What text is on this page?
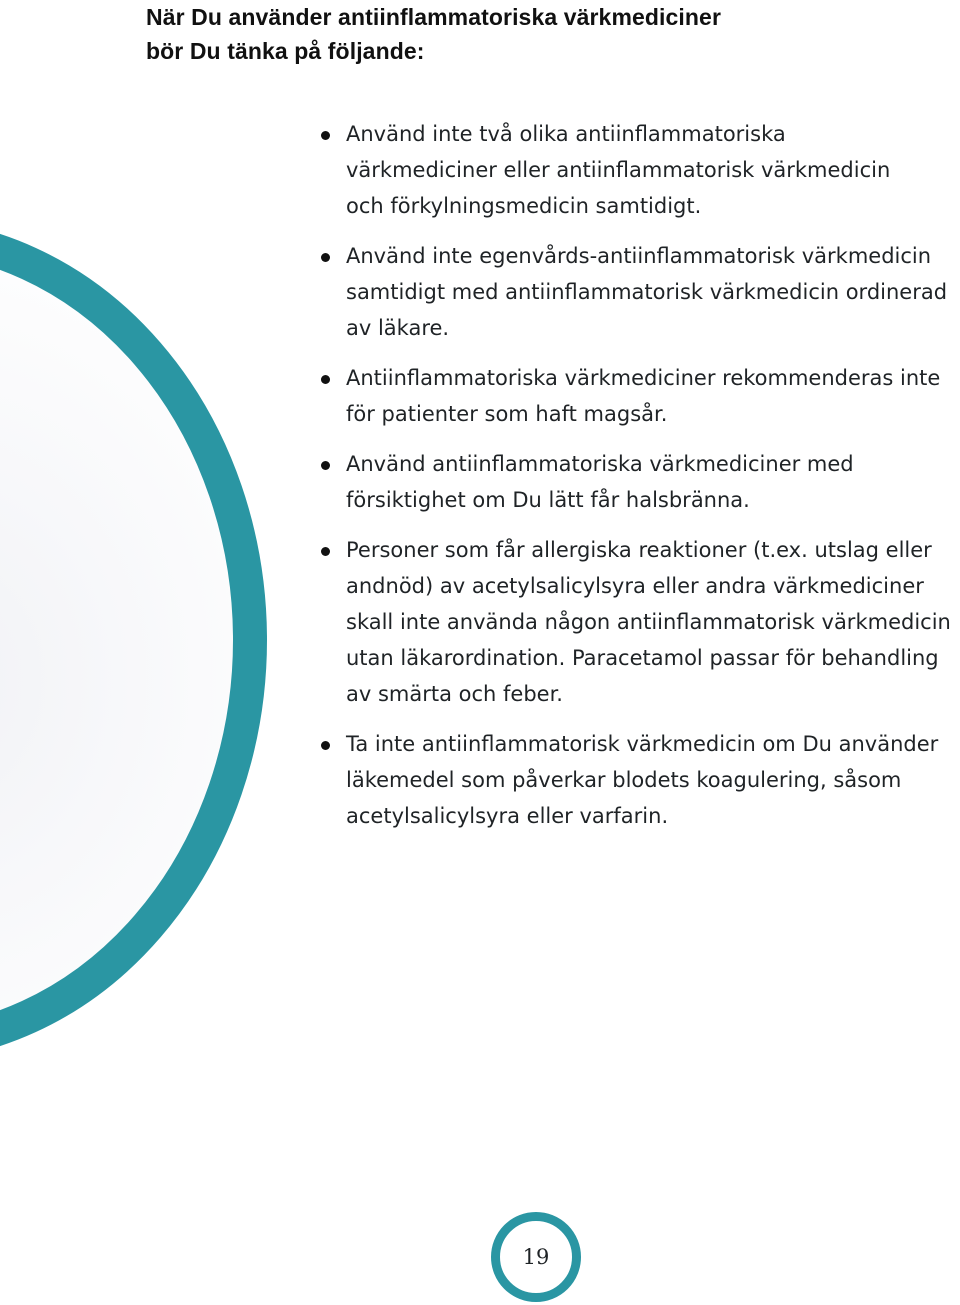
När Du använder antiinflammatoriska värkmediciner
bör Du tänka på följande:
Använd inte två olika antiinflammatoriska
värkmediciner eller antiinflammatorisk värkmedicin
och förkylningsmedicin samtidigt.
Använd inte egenvårds-antiinflammatorisk värkmedicin
samtidigt med antiinflammatorisk värkmedicin ordinerad
av läkare.
Antiinflammatoriska värkmediciner rekommenderas inte
för patienter som haft magsår.
Använd antiinflammatoriska värkmediciner med
försiktighet om Du lätt får halsbränna.
Personer som får allergiska reaktioner (t.ex. utslag eller
andnöd) av acetylsalicylsyra eller andra värkmediciner
skall inte använda någon antiinflammatorisk värkmedicin
utan läkarordination. Paracetamol passar för behandling
av smärta och feber.
Ta inte antiinflammatorisk värkmedicin om Du använder
läkemedel som påverkar blodets koagulering, såsom
acetylsalicylsyra eller varfarin.
19
